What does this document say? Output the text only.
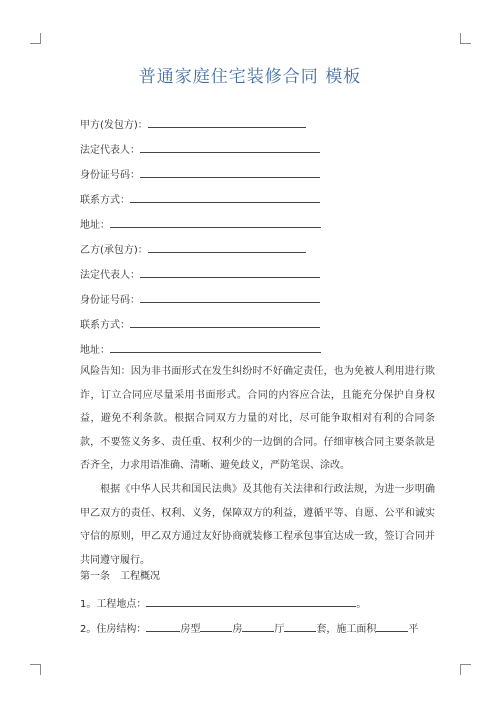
普通家庭住宅装修合同 模板
甲方(发包方)：
法定代表人：
身份证号码：
联系方式：
地址：
乙方(承包方)：
法定代表人：
身份证号码：
联系方式：
地址：
风险告知：因为非书面形式在发生纠纷时不好确定责任，也为免被人利用进行欺诈，订立合同应尽量采用书面形式。合同的内容应合法，且能充分保护自身权益，避免不利条款。根据合同双方力量的对比，尽可能争取相对有利的合同条款，不要签义务多、责任重、权利少的一边倒的合同。仔细审核合同主要条款是否齐全，力求用语准确、清晰、避免歧义，严防笔误、涂改。
根据《中华人民共和国民法典》及其他有关法律和行政法规，为进一步明确甲乙双方的责任、权利、义务，保障双方的利益，遵循平等、自愿、公平和诚实守信的原则，甲乙双方通过友好协商就装修工程承包事宜达成一致，签订合同并共同遵守履行。
第一条　工程概况
1。工程地点：	。
2。住房结构：	房型	房	厅	套，施工面积	平
